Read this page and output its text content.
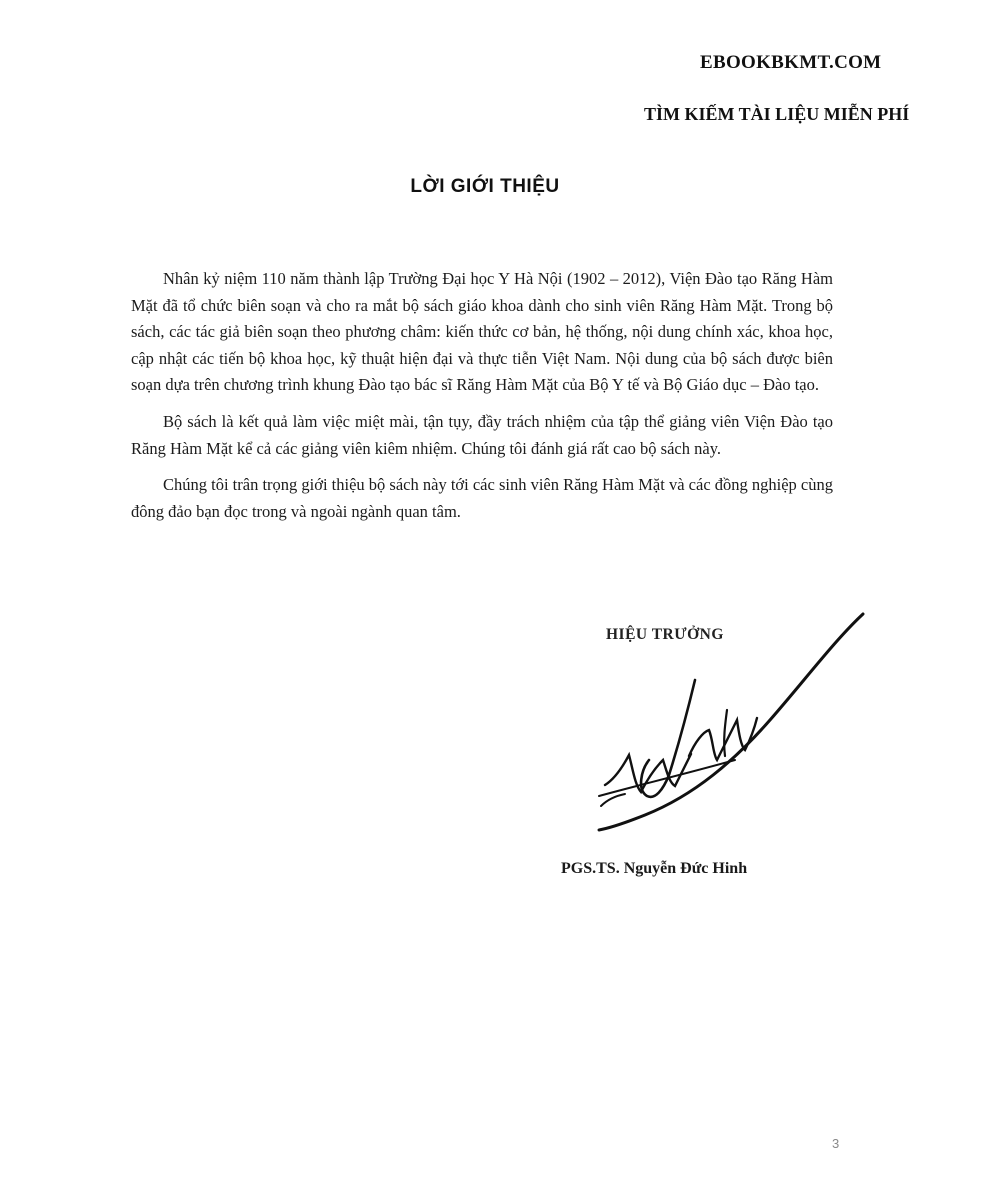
EBOOKBKMT.COM
TÌM KIẾM TÀI LIỆU MIỄN PHÍ
LỜI GIỚI THIỆU

Nhân kỷ niệm 110 năm thành lập Trường Đại học Y Hà Nội (1902 – 2012), Viện Đào tạo Răng Hàm Mặt đã tổ chức biên soạn và cho ra mắt bộ sách giáo khoa dành cho sinh viên Răng Hàm Mặt. Trong bộ sách, các tác giả biên soạn theo phương châm: kiến thức cơ bản, hệ thống, nội dung chính xác, khoa học, cập nhật các tiến bộ khoa học, kỹ thuật hiện đại và thực tiễn Việt Nam. Nội dung của bộ sách được biên soạn dựa trên chương trình khung Đào tạo bác sĩ Răng Hàm Mặt của Bộ Y tế và Bộ Giáo dục – Đào tạo.

Bộ sách là kết quả làm việc miệt mài, tận tụy, đầy trách nhiệm của tập thể giảng viên Viện Đào tạo Răng Hàm Mặt kể cả các giảng viên kiêm nhiệm. Chúng tôi đánh giá rất cao bộ sách này.

Chúng tôi trân trọng giới thiệu bộ sách này tới các sinh viên Răng Hàm Mặt và các đồng nghiệp cùng đông đảo bạn đọc trong và ngoài ngành quan tâm.

HIỆU TRƯỞNG
PGS.TS. Nguyễn Đức Hinh
3
